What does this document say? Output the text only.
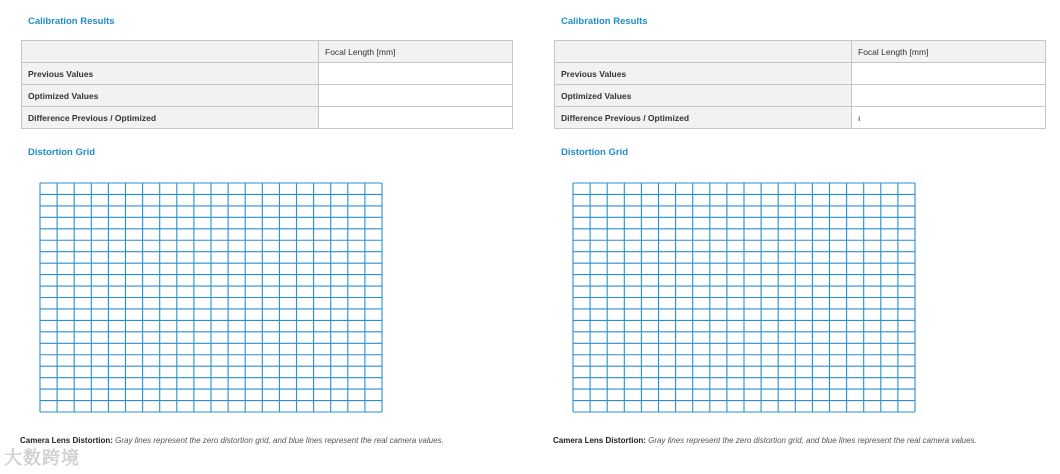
Calibration Results
	Focal Length [mm]	
Previous Values		
Optimized Values		
Difference Previous / Optimized		
Distortion Grid
Camera Lens Distortion: Gray lines represent the zero distortion grid, and blue lines represent the real camera values.
Calibration Results
	Focal Length [mm]	
Previous Values		
Optimized Values		
Difference Previous / Optimized	ı	
Distortion Grid
Camera Lens Distortion: Gray lines represent the zero distortion grid, and blue lines represent the real camera values.
大数跨境
